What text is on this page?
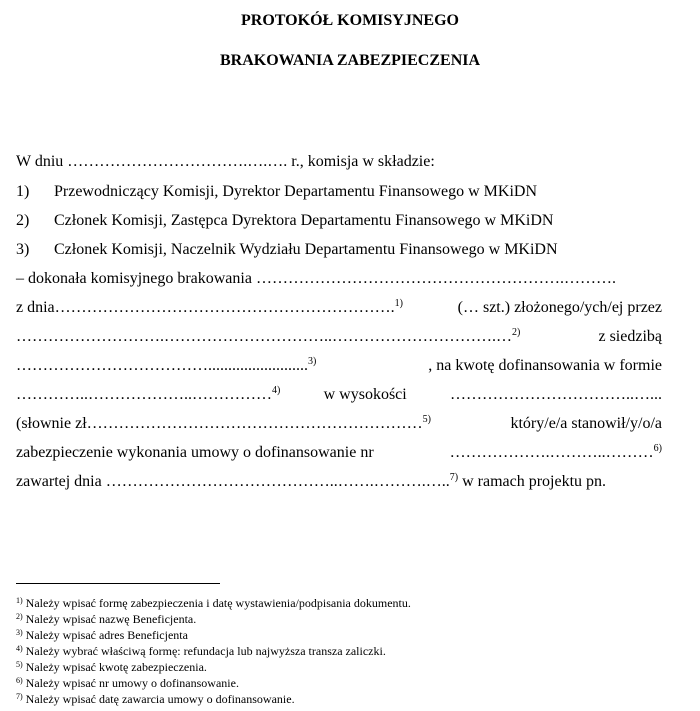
PROTOKÓŁ KOMISYJNEGO
BRAKOWANIA ZABEZPIECZENIA
W dniu …………………………….….…. r., komisja w składzie:
1)	Przewodniczący Komisji, Dyrektor Departamentu Finansowego w MKiDN
2)	Członek Komisji, Zastępca Dyrektora Departamentu Finansowego w MKiDN
3)	Członek Komisji, Naczelnik Wydziału Departamentu Finansowego w MKiDN
– dokonała komisyjnego brakowania ………………………………………………….……….
z dnia……………………………………………………….$^{1)}$	(… szt.) złożonego/ych/ej przez
……………………….…………………………..………………………….…$^{2)}$	z siedzibą
……………………………….........................$^{3)}$	, na kwotę dofinansowania w formie
…………..………………..……………$^{4)}$	w wysokości	……………………………..…...
(słownie zł………………………………………………………$^{5)}$	który/e/a stanowił/y/o/a
zabezpieczenie wykonania umowy o dofinansowanie nr	……………….………..………$^{6)}$
zawartej dnia ……………………………………..…….……….…..$^{7)}$ w ramach projektu pn.
$^{1)}$ Należy wpisać formę zabezpieczenia i datę wystawienia/podpisania dokumentu.
$^{2)}$ Należy wpisać nazwę Beneficjenta.
$^{3)}$ Należy wpisać adres Beneficjenta
$^{4)}$ Należy wybrać właściwą formę: refundacja lub najwyższa transza zaliczki.
$^{5)}$ Należy wpisać kwotę zabezpieczenia.
$^{6)}$ Należy wpisać nr umowy o dofinansowanie.
$^{7)}$ Należy wpisać datę zawarcia umowy o dofinansowanie.
